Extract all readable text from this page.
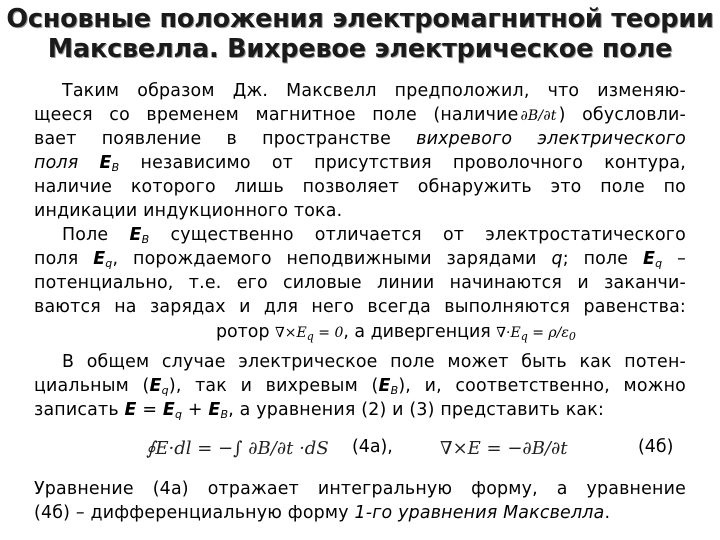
Основные положения электромагнитной теории
Максвелла. Вихревое электрическое поле
Таким образом Дж. Максвелл предположил, что изменяю-
щееся со временем магнитное поле (наличие ∂B/∂t ) обусловли-
вает появление в пространстве вихревого электрического
поля $E_B$ независимо от присутствия проволочного контура,
наличие которого лишь позволяет обнаружить это поле по
индикации индукционного тока.
Поле $E_B$ существенно отличается от электростатического
поля $E_q$, порождаемого неподвижными зарядами q; поле $E_q$ –
потенциально, т.е. его силовые линии начинаются и заканчи-
ваются на зарядах и для него всегда выполняются равенства:
ротор $\nabla\times E_q = 0$, а дивергенция $\nabla\cdot E_q = \rho/\varepsilon_0$
В общем случае электрическое поле может быть как потен-
циальным $(E_q)$, так и вихревым $(E_B)$, и, соответственно, можно
записать $E = E_q + E_B$, а уравнения (2) и (3) представить как:
∮E·dl = −∫ ∂B/∂t ·dS (4а),	∇×E = −∂B/∂t	(4б)
Уравнение (4а) отражает интегральную форму, а уравнение
(4б) – дифференциальную форму 1-го уравнения Максвелла.
